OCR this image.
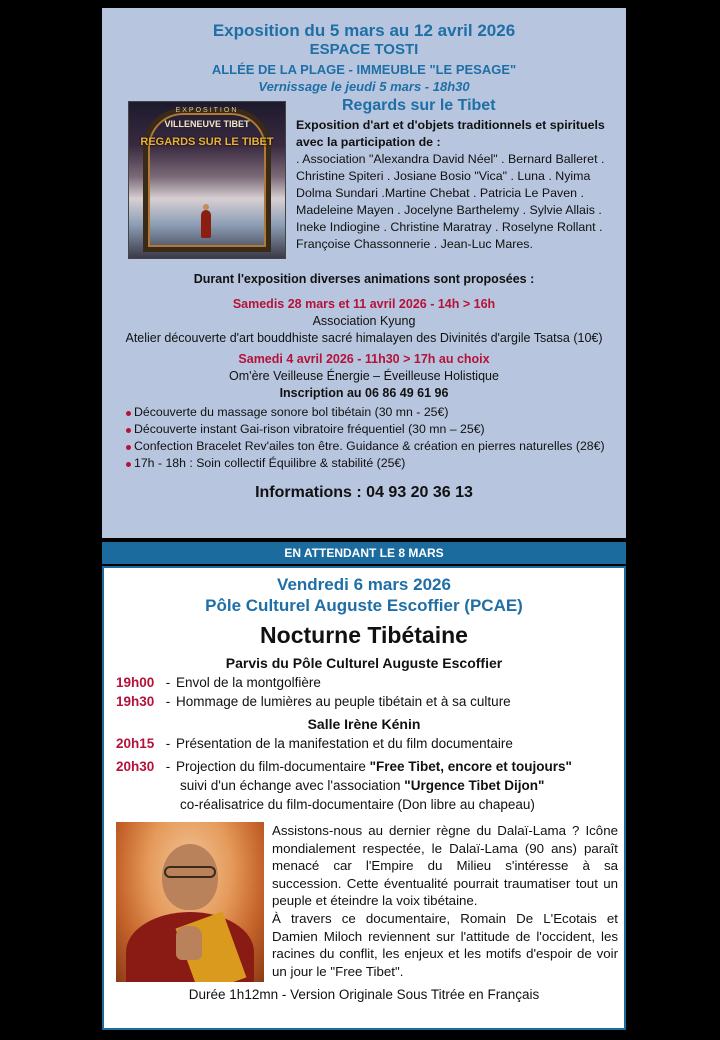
Exposition du 5 mars au 12 avril 2026
ESPACE TOSTI
ALLÉE DE LA PLAGE - IMMEUBLE "LE PESAGE"
Vernissage le jeudi 5 mars - 18h30
EXPOSITION
VILLENEUVE TIBET
REGARDS SUR LE TIBET
Regards sur le Tibet
Exposition d'art et d'objets traditionnels et spirituels avec la participation de :
. Association "Alexandra David Néel" . Bernard Balleret . Christine Spiteri . Josiane Bosio "Vica" . Luna . Nyima Dolma Sundari .Martine Chebat . Patricia Le Paven . Madeleine Mayen . Jocelyne Barthelemy . Sylvie Allais . Ineke Indiogine . Christine Maratray . Roselyne Rollant . Françoise Chassonnerie . Jean-Luc Mares.
Durant l'exposition diverses animations sont proposées :
Samedis 28 mars et 11 avril 2026 - 14h > 16h
Association Kyung
Atelier découverte d'art bouddhiste sacré himalayen des Divinités d'argile Tsatsa (10€)
Samedi 4 avril 2026 - 11h30 > 17h au choix
Om'ère Veilleuse Énergie – Éveilleuse Holistique
Inscription au 06 86 49 61 96
Découverte du massage sonore bol tibétain (30 mn - 25€)
Découverte instant Gai-rison vibratoire fréquentiel (30 mn – 25€)
Confection Bracelet Rev'ailes ton être. Guidance & création en pierres naturelles (28€)
17h - 18h : Soin collectif Équilibre & stabilité (25€)
Informations : 04 93 20 36 13
EN ATTENDANT LE 8 MARS
Vendredi 6 mars 2026
Pôle Culturel Auguste Escoffier (PCAE)
Nocturne Tibétaine
Parvis du Pôle Culturel Auguste Escoffier
19h00 - Envol de la montgolfière
19h30 - Hommage de lumières au peuple tibétain et à sa culture
Salle Irène Kénin
20h15 - Présentation de la manifestation et du film documentaire
20h30 - Projection du film-documentaire "Free Tibet, encore et toujours"
suivi d'un échange avec l'association "Urgence Tibet Dijon"
co-réalisatrice du film-documentaire (Don libre au chapeau)
Assistons-nous au dernier règne du Dalaï-Lama ? Icône mondialement respectée, le Dalaï-Lama (90 ans) paraît menacé car l'Empire du Milieu s'intéresse à sa succession. Cette éventualité pourrait traumatiser tout un peuple et éteindre la voix tibétaine.
À travers ce documentaire, Romain De L'Ecotais et Damien Miloch reviennent sur l'attitude de l'occident, les racines du conflit, les enjeux et les motifs d'espoir de voir un jour le "Free Tibet".
Durée 1h12mn - Version Originale Sous Titrée en Français
